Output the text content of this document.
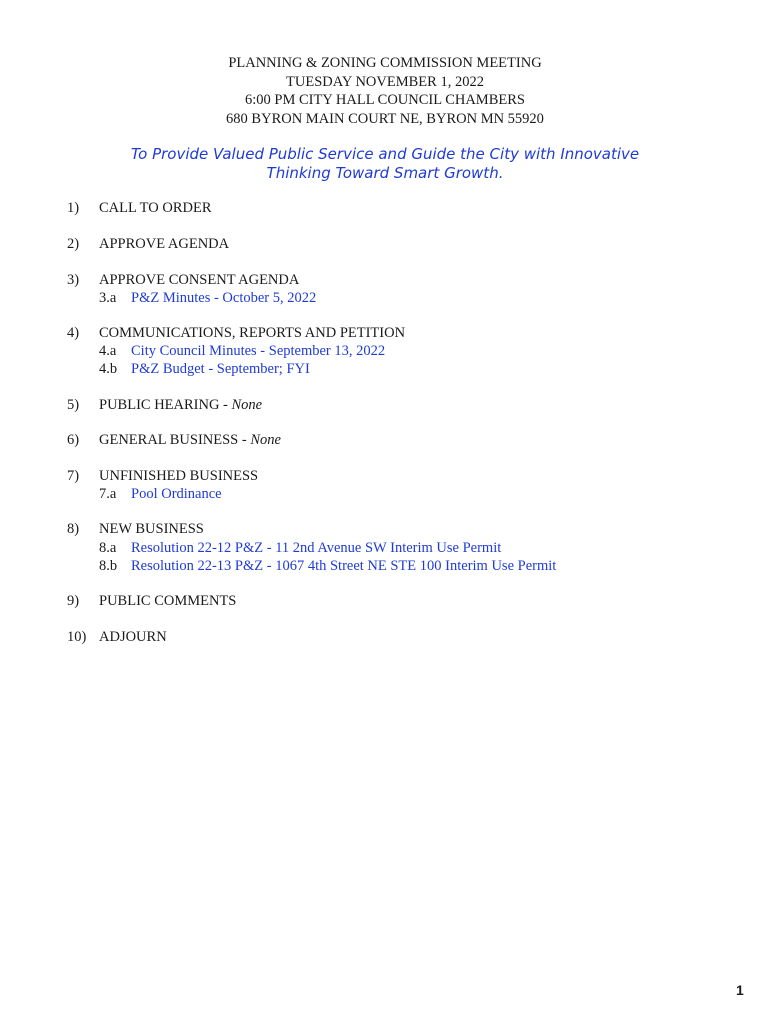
PLANNING & ZONING COMMISSION MEETING
TUESDAY NOVEMBER 1, 2022
6:00 PM CITY HALL COUNCIL CHAMBERS
680 BYRON MAIN COURT NE, BYRON MN 55920
To Provide Valued Public Service and Guide the City with Innovative
Thinking Toward Smart Growth.
1) CALL TO ORDER
2) APPROVE AGENDA
3) APPROVE CONSENT AGENDA
3.a P&Z Minutes - October 5, 2022
4) COMMUNICATIONS, REPORTS AND PETITION
4.a City Council Minutes - September 13, 2022
4.b P&Z Budget - September; FYI
5) PUBLIC HEARING - None
6) GENERAL BUSINESS - None
7) UNFINISHED BUSINESS
7.a Pool Ordinance
8) NEW BUSINESS
8.a Resolution 22-12 P&Z - 11 2nd Avenue SW Interim Use Permit
8.b Resolution 22-13 P&Z - 1067 4th Street NE STE 100 Interim Use Permit
9) PUBLIC COMMENTS
10) ADJOURN
1
